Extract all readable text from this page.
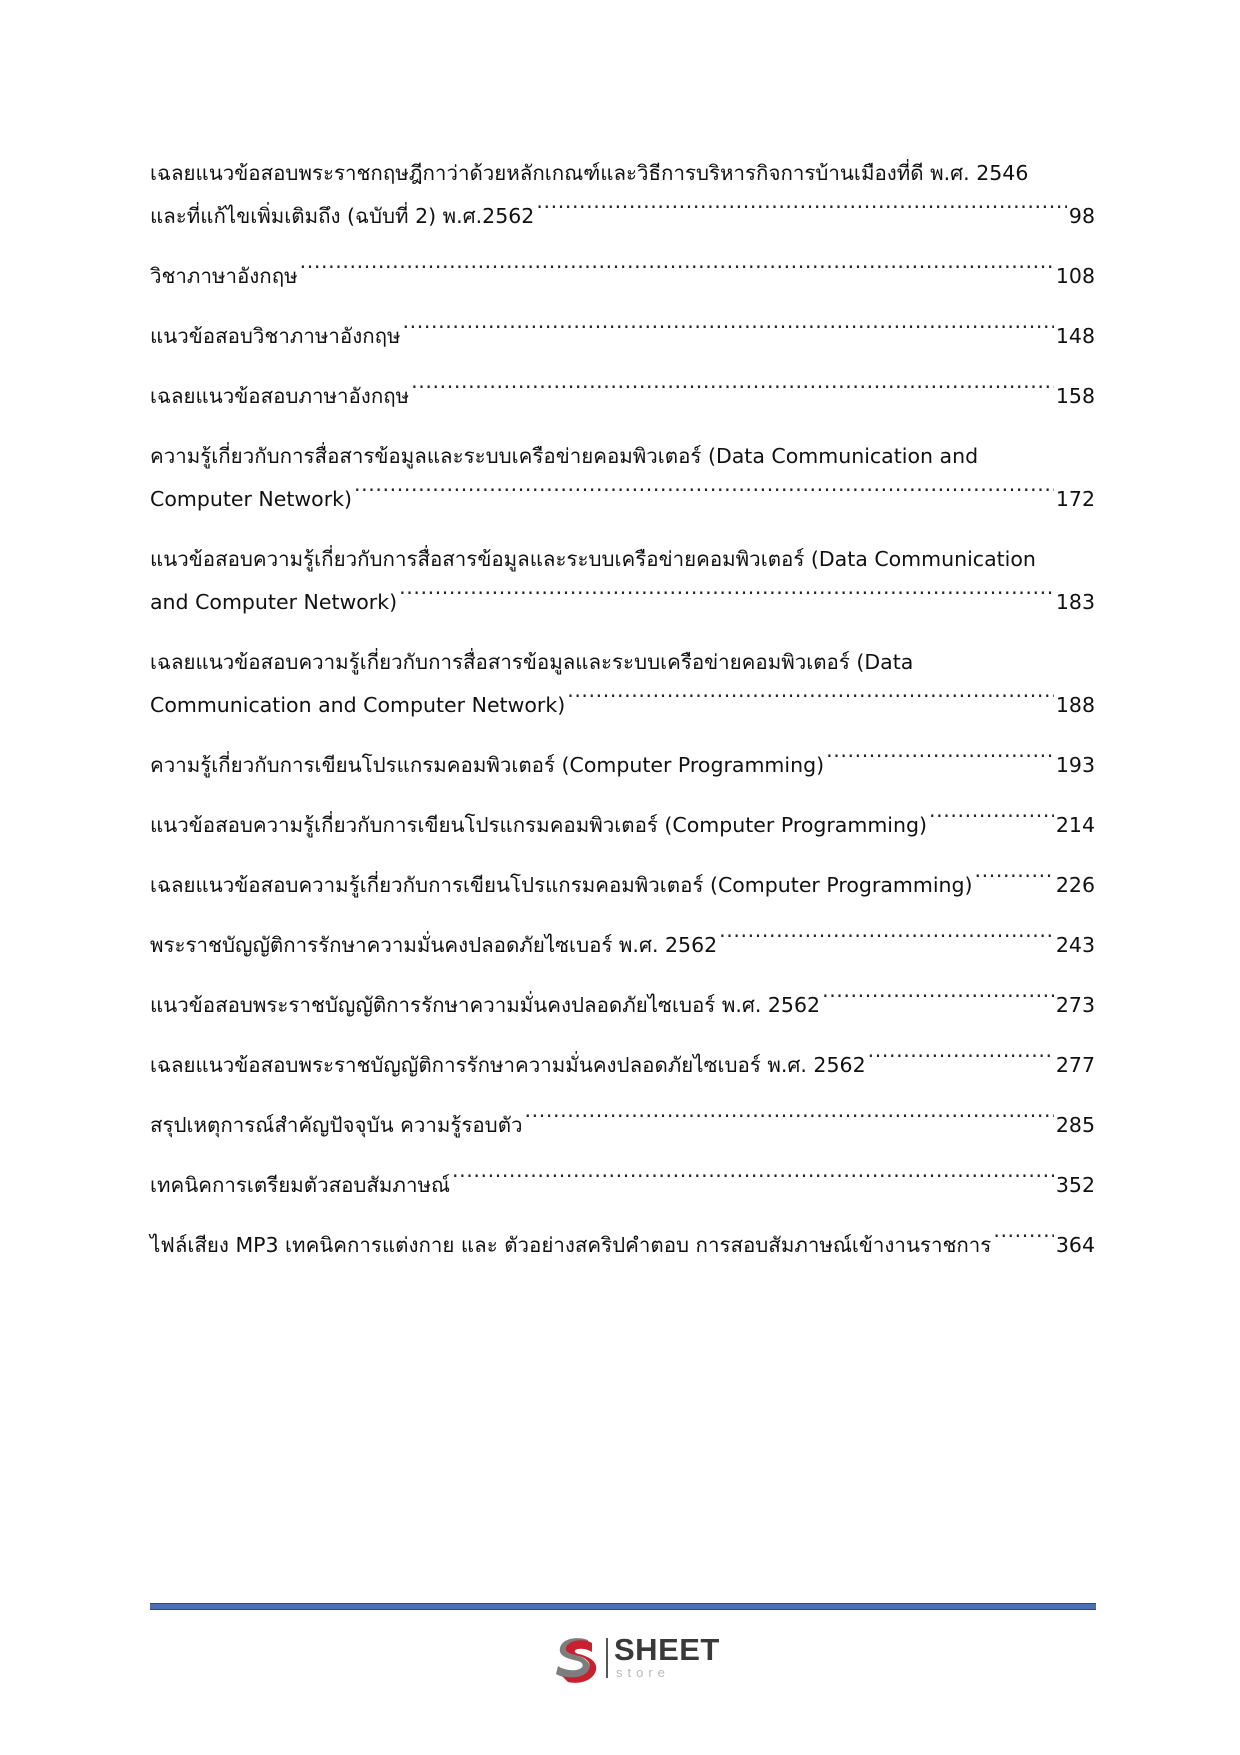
เฉลยแนวข้อสอบพระราชกฤษฎีกาว่าด้วยหลักเกณฑ์และวิธีการบริหารกิจการบ้านเมืองที่ดี พ.ศ. 2546
และที่แก้ไขเพิ่มเติมถึง (ฉบับที่ 2) พ.ศ.2562 .....	98
วิชาภาษาอังกฤษ .....	108
แนวข้อสอบวิชาภาษาอังกฤษ .....	148
เฉลยแนวข้อสอบภาษาอังกฤษ .....	158
ความรู้เกี่ยวกับการสื่อสารข้อมูลและระบบเครือข่ายคอมพิวเตอร์ (Data Communication and
Computer Network) .....	172
แนวข้อสอบความรู้เกี่ยวกับการสื่อสารข้อมูลและระบบเครือข่ายคอมพิวเตอร์ (Data Communication
and Computer Network) .....	183
เฉลยแนวข้อสอบความรู้เกี่ยวกับการสื่อสารข้อมูลและระบบเครือข่ายคอมพิวเตอร์ (Data
Communication and Computer Network) .....	188
ความรู้เกี่ยวกับการเขียนโปรแกรมคอมพิวเตอร์ (Computer Programming) .....	193
แนวข้อสอบความรู้เกี่ยวกับการเขียนโปรแกรมคอมพิวเตอร์ (Computer Programming) .....	214
เฉลยแนวข้อสอบความรู้เกี่ยวกับการเขียนโปรแกรมคอมพิวเตอร์ (Computer Programming) .....	226
พระราชบัญญัติการรักษาความมั่นคงปลอดภัยไซเบอร์ พ.ศ. 2562 .....	243
แนวข้อสอบพระราชบัญญัติการรักษาความมั่นคงปลอดภัยไซเบอร์ พ.ศ. 2562 .....	273
เฉลยแนวข้อสอบพระราชบัญญัติการรักษาความมั่นคงปลอดภัยไซเบอร์ พ.ศ. 2562 .....	277
สรุปเหตุการณ์สำคัญปัจจุบัน ความรู้รอบตัว .....	285
เทคนิคการเตรียมตัวสอบสัมภาษณ์ .....	352
ไฟล์เสียง MP3 เทคนิคการแต่งกาย และ ตัวอย่างสคริปคำตอบ การสอบสัมภาษณ์เข้างานราชการ .....	364
SHEET
store
